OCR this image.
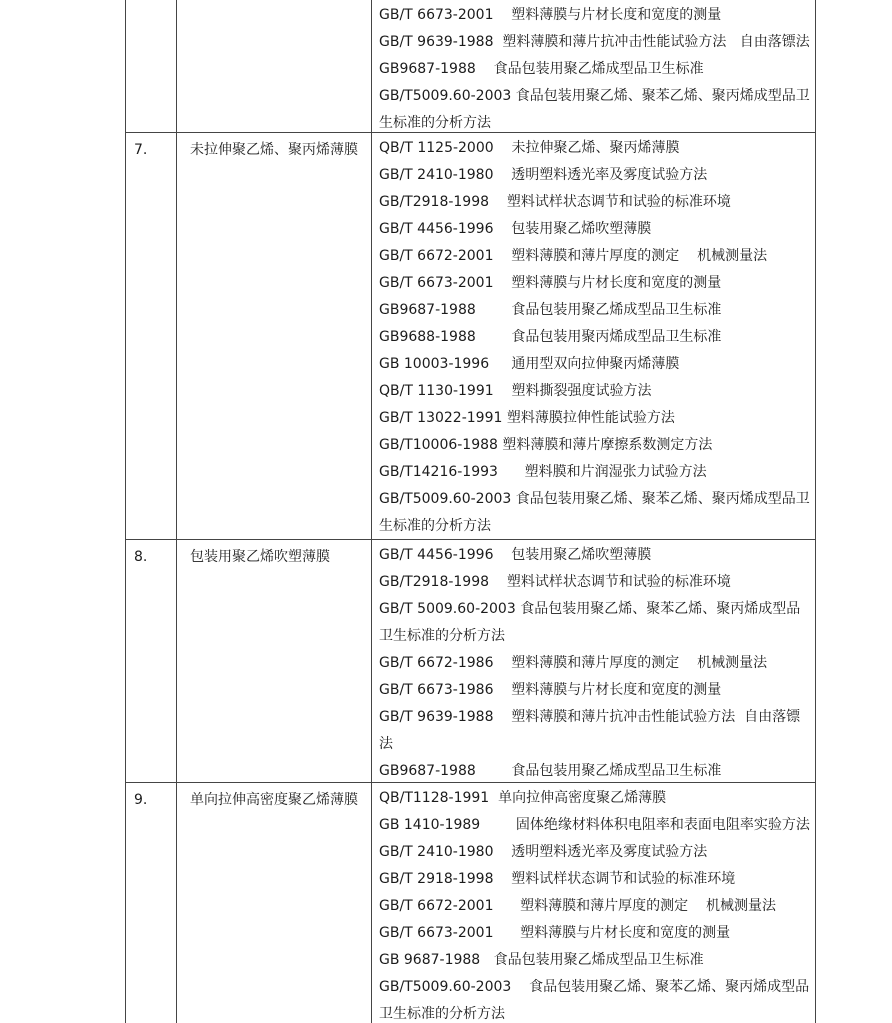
GB/T 6673-2001    塑料薄膜与片材长度和宽度的测量
GB/T 9639-1988  塑料薄膜和薄片抗冲击性能试验方法   自由落镖法
GB9687-1988    食品包装用聚乙烯成型品卫生标准
GB/T5009.60-2003 食品包装用聚乙烯、聚苯乙烯、聚丙烯成型品卫生标准的分析方法
7.	未拉伸聚乙烯、聚丙烯薄膜	QB/T 1125-2000    未拉伸聚乙烯、聚丙烯薄膜
GB/T 2410-1980    透明塑料透光率及雾度试验方法
GB/T2918-1998    塑料试样状态调节和试验的标准环境
GB/T 4456-1996    包装用聚乙烯吹塑薄膜
GB/T 6672-2001    塑料薄膜和薄片厚度的测定    机械测量法
GB/T 6673-2001    塑料薄膜与片材长度和宽度的测量
GB9687-1988        食品包装用聚乙烯成型品卫生标准
GB9688-1988        食品包装用聚丙烯成型品卫生标准
GB 10003-1996     通用型双向拉伸聚丙烯薄膜
QB/T 1130-1991    塑料撕裂强度试验方法
GB/T 13022-1991 塑料薄膜拉伸性能试验方法
GB/T10006-1988 塑料薄膜和薄片摩擦系数测定方法
GB/T14216-1993      塑料膜和片润湿张力试验方法
GB/T5009.60-2003 食品包装用聚乙烯、聚苯乙烯、聚丙烯成型品卫生标准的分析方法
8.	包装用聚乙烯吹塑薄膜	GB/T 4456-1996    包装用聚乙烯吹塑薄膜
GB/T2918-1998    塑料试样状态调节和试验的标准环境
GB/T 5009.60-2003 食品包装用聚乙烯、聚苯乙烯、聚丙烯成型品卫生标准的分析方法
GB/T 6672-1986    塑料薄膜和薄片厚度的测定    机械测量法
GB/T 6673-1986    塑料薄膜与片材长度和宽度的测量
GB/T 9639-1988    塑料薄膜和薄片抗冲击性能试验方法  自由落镖法
GB9687-1988        食品包装用聚乙烯成型品卫生标准
9.	单向拉伸高密度聚乙烯薄膜	QB/T1128-1991  单向拉伸高密度聚乙烯薄膜
GB 1410-1989        固体绝缘材料体积电阻率和表面电阻率实验方法
GB/T 2410-1980    透明塑料透光率及雾度试验方法
GB/T 2918-1998    塑料试样状态调节和试验的标准环境
GB/T 6672-2001      塑料薄膜和薄片厚度的测定    机械测量法
GB/T 6673-2001      塑料薄膜与片材长度和宽度的测量
GB 9687-1988   食品包装用聚乙烯成型品卫生标准
GB/T5009.60-2003    食品包装用聚乙烯、聚苯乙烯、聚丙烯成型品卫生标准的分析方法
